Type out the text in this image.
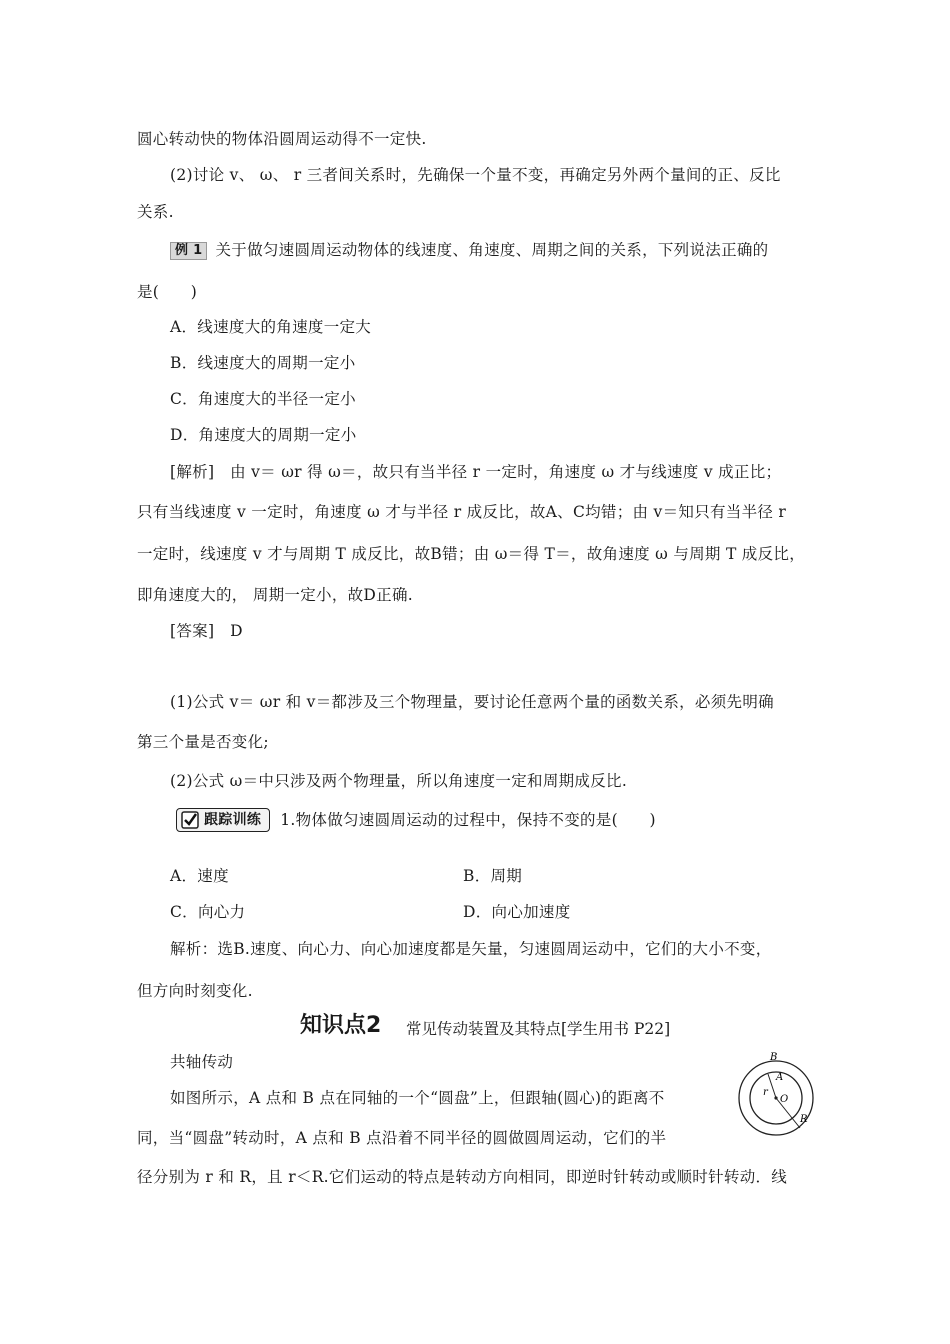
圆心转动快的物体沿圆周运动得不一定快.
(2)讨论 v、 ω、 r 三者间关系时，先确保一个量不变，再确定另外两个量间的正、反比
关系.
例 1 关于做匀速圆周运动物体的线速度、角速度、周期之间的关系，下列说法正确的
是(　　)
A．线速度大的角速度一定大
B．线速度大的周期一定小
C．角速度大的半径一定小
D．角速度大的周期一定小
[解析]　由 v＝ ωr 得 ω＝，故只有当半径 r 一定时，角速度 ω 才与线速度 v 成正比；
只有当线速度 v 一定时，角速度 ω 才与半径 r 成反比，故A、C均错；由 v＝知只有当半径 r
一定时，线速度 v 才与周期 T 成反比，故B错；由 ω＝得 T＝，故角速度 ω 与周期 T 成反比，
即角速度大的， 周期一定小，故D正确.
[答案]　D
(1)公式 v＝ ωr 和 v＝都涉及三个物理量，要讨论任意两个量的函数关系，必须先明确
第三个量是否变化;
(2)公式 ω＝中只涉及两个物理量，所以角速度一定和周期成反比.
跟踪训练 1.物体做匀速圆周运动的过程中，保持不变的是(　　)
A．速度	B．周期
C．向心力	D．向心加速度
解析：选B.速度、向心力、向心加速度都是矢量，匀速圆周运动中，它们的大小不变，
但方向时刻变化.
知识点2 常见传动装置及其特点[学生用书 P22]
共轴传动
如图所示，A 点和 B 点在同轴的一个“圆盘”上，但跟轴(圆心)的距离不
同，当“圆盘”转动时，A 点和 B 点沿着不同半径的圆做圆周运动，它们的半
径分别为 r 和 R，且 r＜R.它们运动的特点是转动方向相同，即逆时针转动或顺时针转动．线
B
A
r
O
R
